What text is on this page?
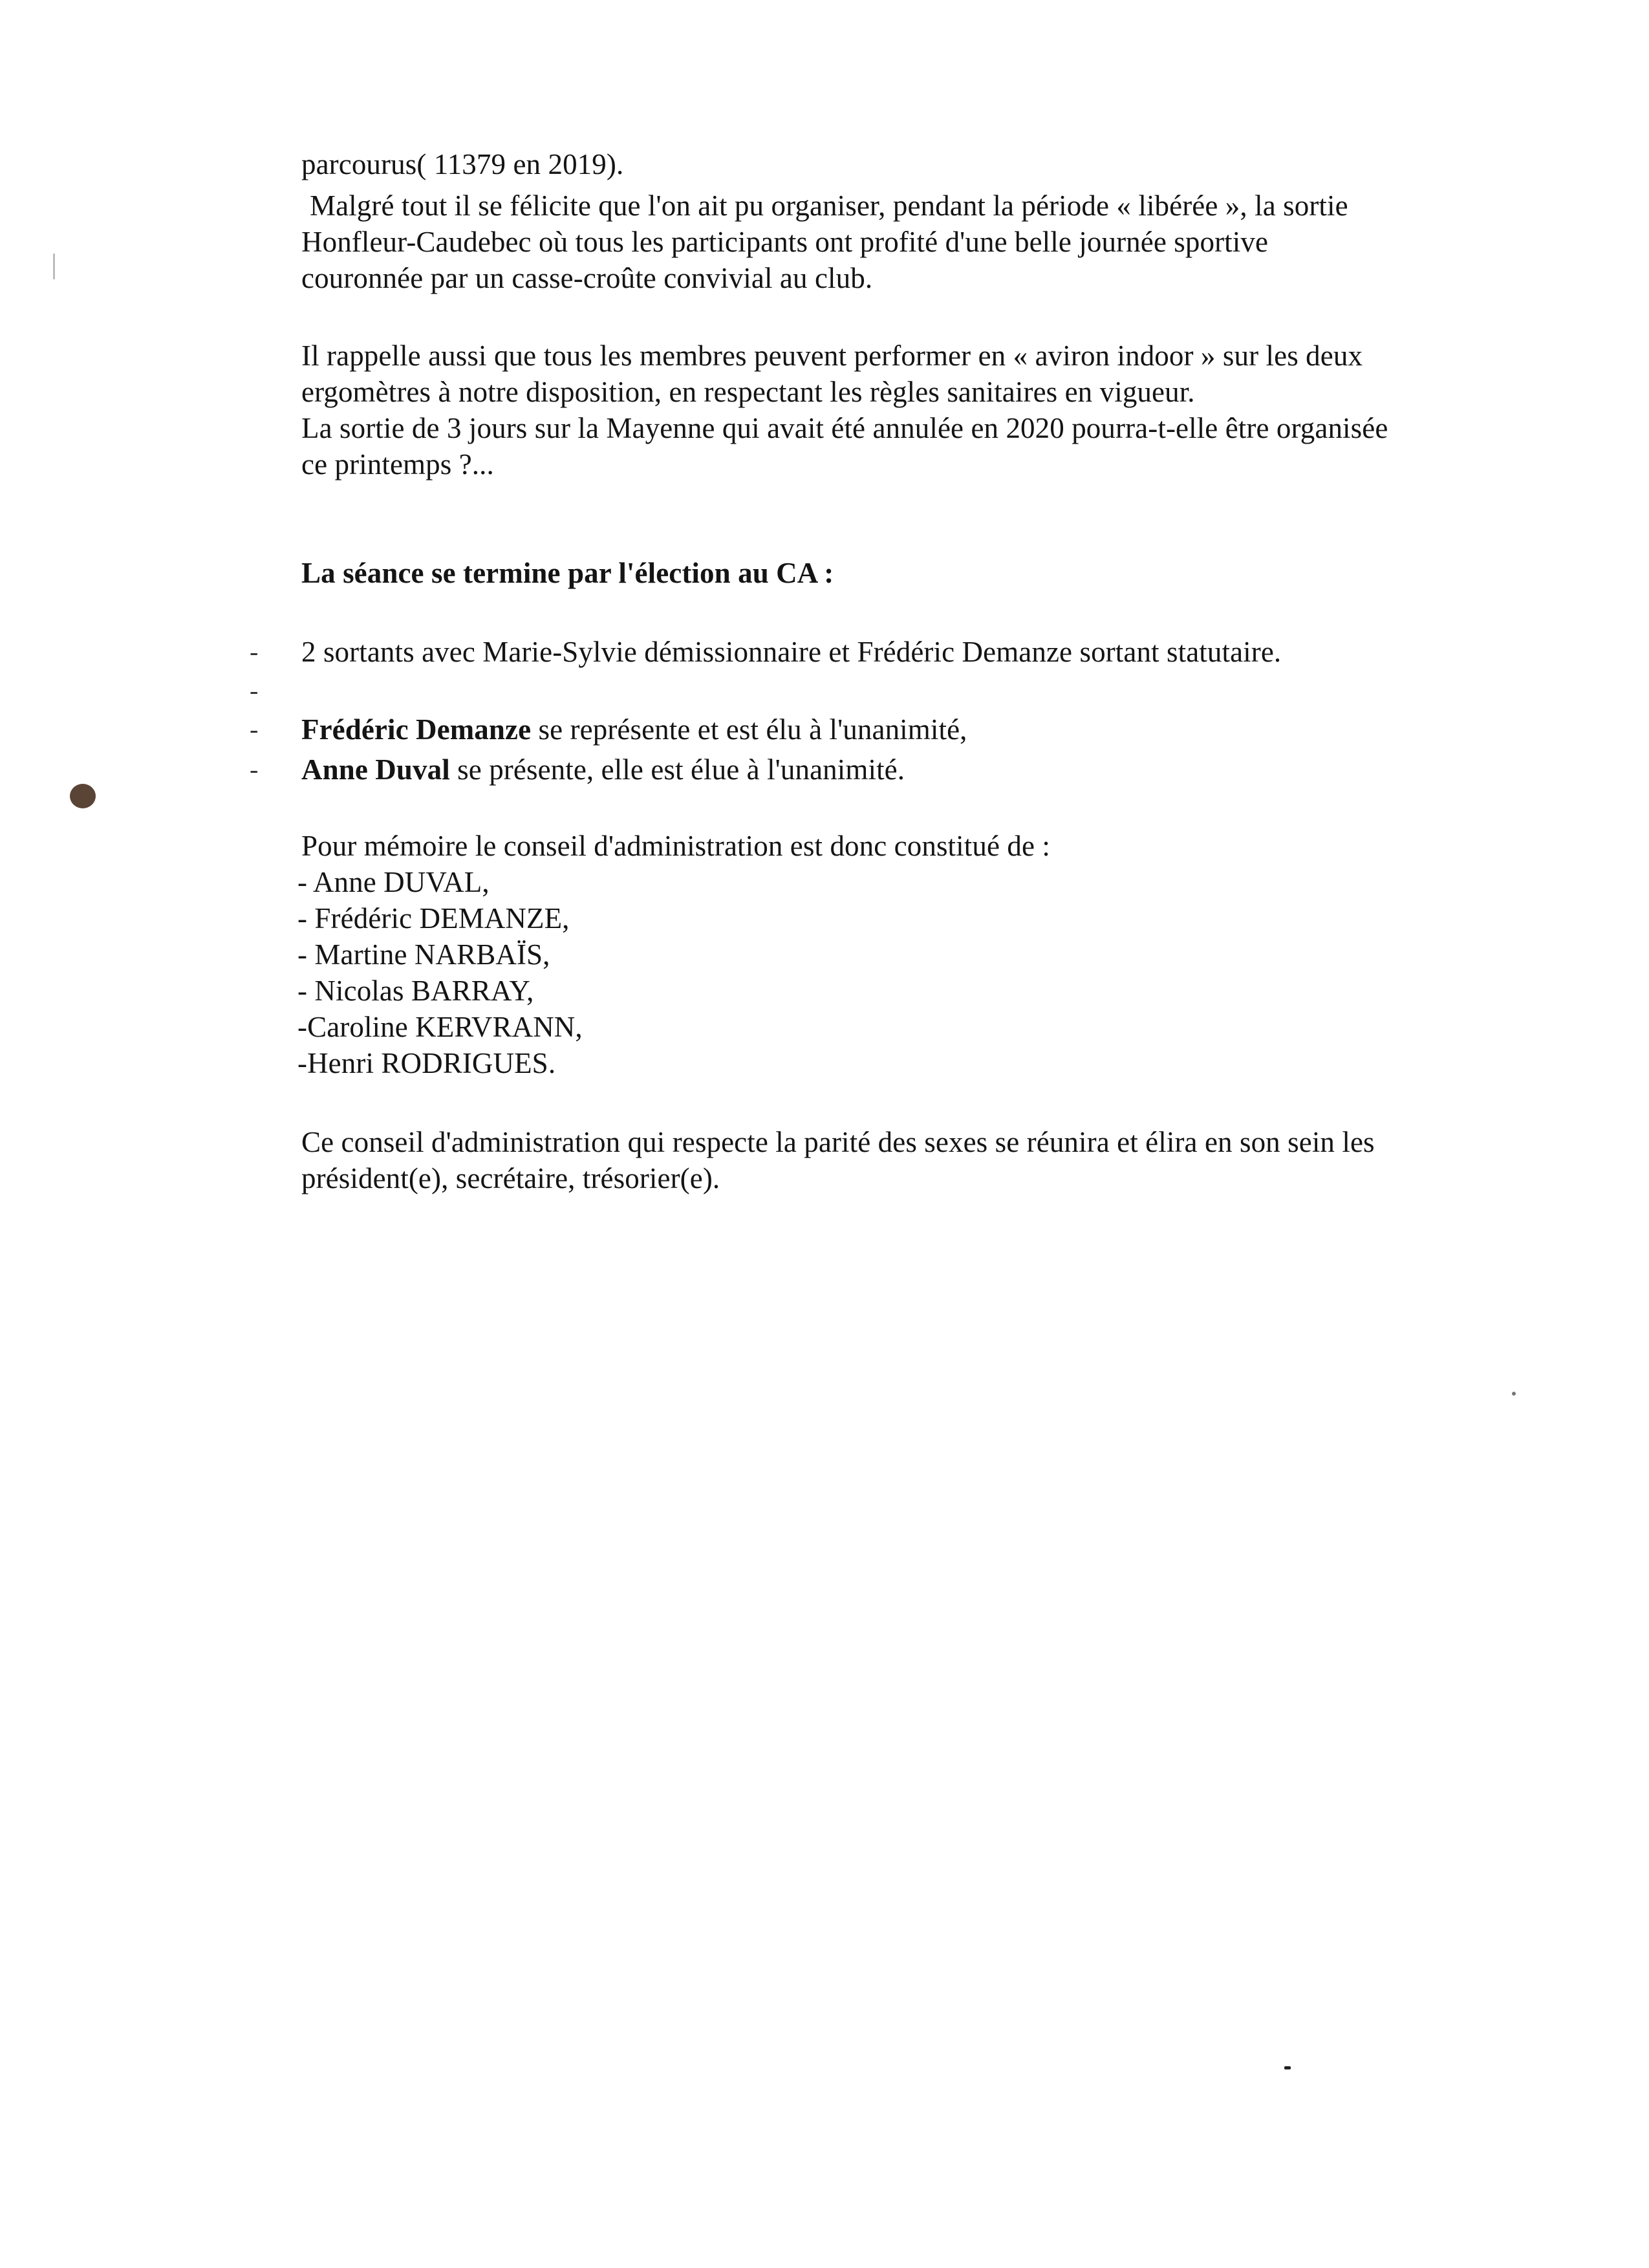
parcourus( 11379 en 2019).
Malgré tout il se félicite que l'on ait pu organiser, pendant la période « libérée », la sortie
Honfleur-Caudebec où tous les participants ont profité d'une belle journée sportive
couronnée par un casse-croûte convivial au club.
Il rappelle aussi que tous les membres peuvent performer en « aviron indoor » sur les deux
ergomètres à notre disposition, en respectant les règles sanitaires en vigueur.
La sortie de 3 jours sur la Mayenne qui avait été annulée en 2020 pourra-t-elle être organisée
ce printemps ?...
La séance se termine par l'élection au CA :
- 2 sortants avec Marie-Sylvie démissionnaire et Frédéric Demanze sortant statutaire.
-
- Frédéric Demanze se représente et est élu à l'unanimité,
- Anne Duval se présente, elle est élue à l'unanimité.
Pour mémoire le conseil d'administration est donc constitué de :
- Anne DUVAL,
- Frédéric DEMANZE,
- Martine NARBAÏS,
- Nicolas BARRAY,
-Caroline KERVRANN,
-Henri RODRIGUES.
Ce conseil d'administration qui respecte la parité des sexes se réunira et élira en son sein les
président(e), secrétaire, trésorier(e).
